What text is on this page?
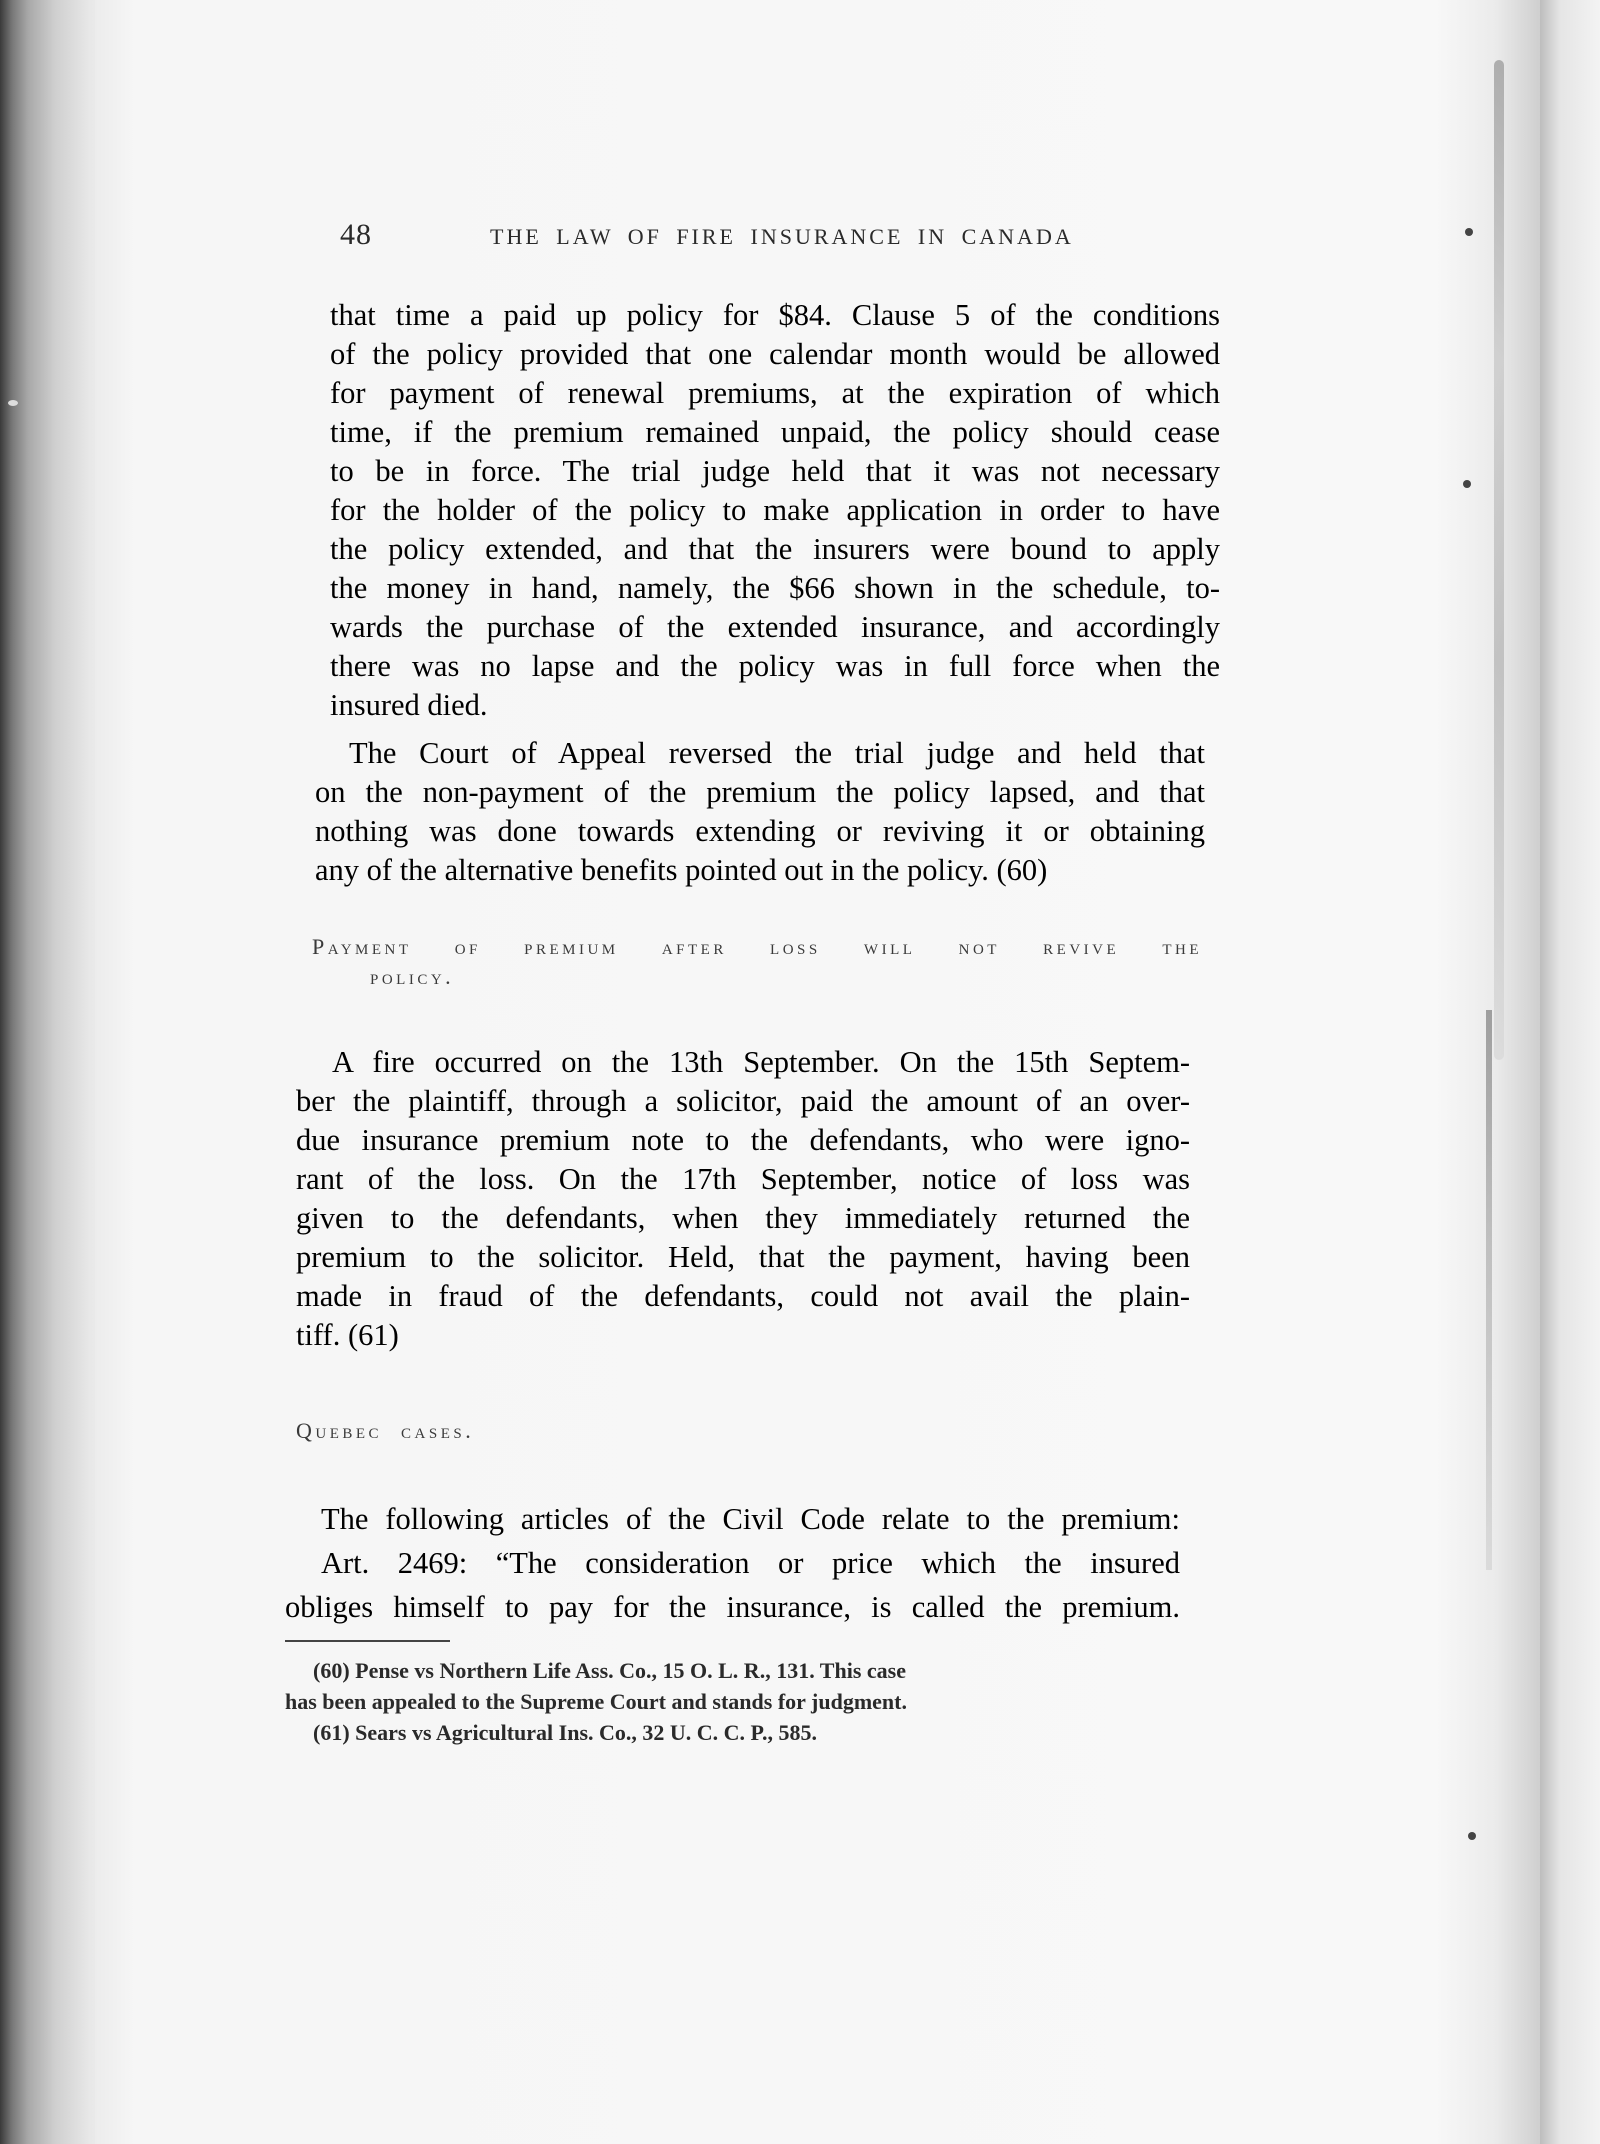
48	THE LAW OF FIRE INSURANCE IN CANADA
that time a paid up policy for $84. Clause 5 of the conditions
of the policy provided that one calendar month would be allowed
for payment of renewal premiums, at the expiration of which
time, if the premium remained unpaid, the policy should cease
to be in force. The trial judge held that it was not necessary
for the holder of the policy to make application in order to have
the policy extended, and that the insurers were bound to apply
the money in hand, namely, the $66 shown in the schedule, to-
wards the purchase of the extended insurance, and accordingly
there was no lapse and the policy was in full force when the
insured died.
The Court of Appeal reversed the trial judge and held that
on the non-payment of the premium the policy lapsed, and that
nothing was done towards extending or reviving it or obtaining
any of the alternative benefits pointed out in the policy. (60)
Payment of premium after loss will not revive the
policy.
A fire occurred on the 13th September. On the 15th Septem-
ber the plaintiff, through a solicitor, paid the amount of an over-
due insurance premium note to the defendants, who were igno-
rant of the loss. On the 17th September, notice of loss was
given to the defendants, when they immediately returned the
premium to the solicitor. Held, that the payment, having been
made in fraud of the defendants, could not avail the plain-
tiff. (61)
Quebec cases.
The following articles of the Civil Code relate to the premium:
Art. 2469: “The consideration or price which the insured
obliges himself to pay for the insurance, is called the premium.
(60) Pense vs Northern Life Ass. Co., 15 O. L. R., 131. This case
has been appealed to the Supreme Court and stands for judgment.
(61) Sears vs Agricultural Ins. Co., 32 U. C. C. P., 585.
